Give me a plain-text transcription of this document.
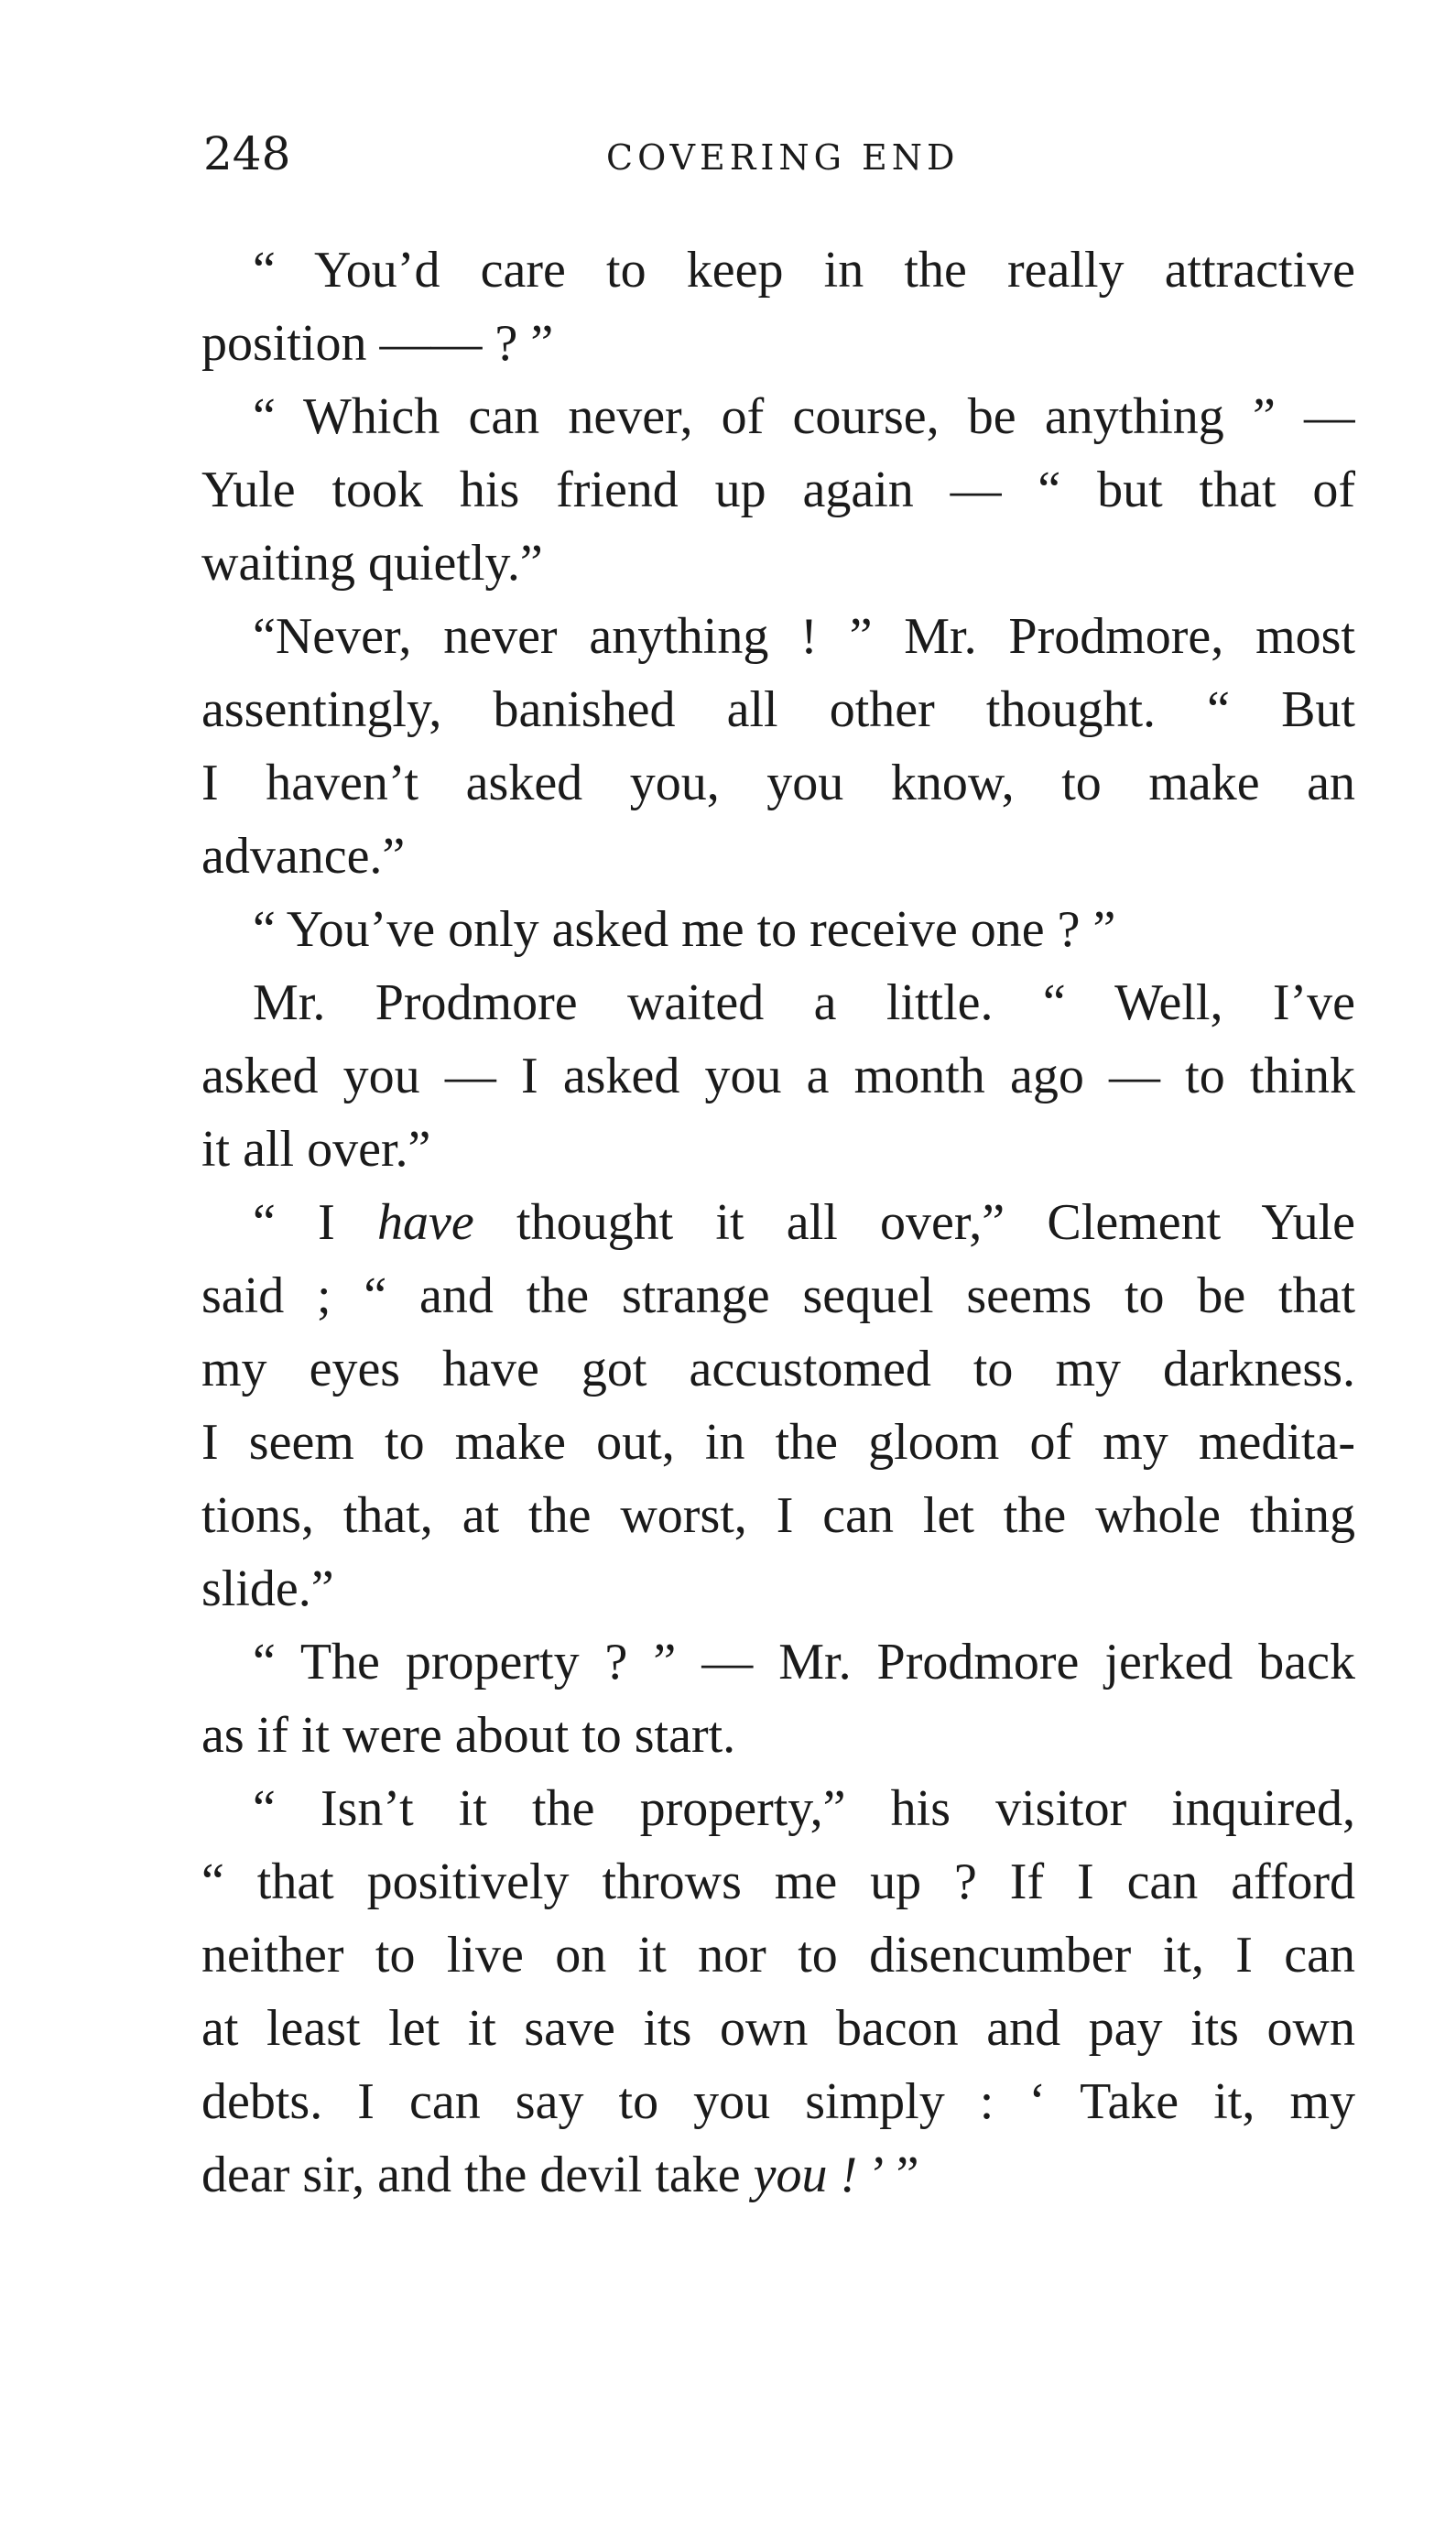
248	COVERING END
“ You’d care to keep in the really attractive
position —— ? ”
“ Which can never, of course, be anything ” —
Yule took his friend up again — “ but that of
waiting quietly.”
“Never, never anything ! ” Mr. Prodmore, most
assentingly, banished all other thought. “ But
I haven’t asked you, you know, to make an
advance.”
“ You’ve only asked me to receive one ? ”
Mr. Prodmore waited a little. “ Well, I’ve
asked you — I asked you a month ago — to think
it all over.”
“ I have thought it all over,” Clement Yule
said ; “ and the strange sequel seems to be that
my eyes have got accustomed to my darkness.
I seem to make out, in the gloom of my medita-
tions, that, at the worst, I can let the whole thing
slide.”
“ The property ? ” — Mr. Prodmore jerked back
as if it were about to start.
“ Isn’t it the property,” his visitor inquired,
“ that positively throws me up ? If I can afford
neither to live on it nor to disencumber it, I can
at least let it save its own bacon and pay its own
debts. I can say to you simply : ‘ Take it, my
dear sir, and the devil take you ! ’ ”
